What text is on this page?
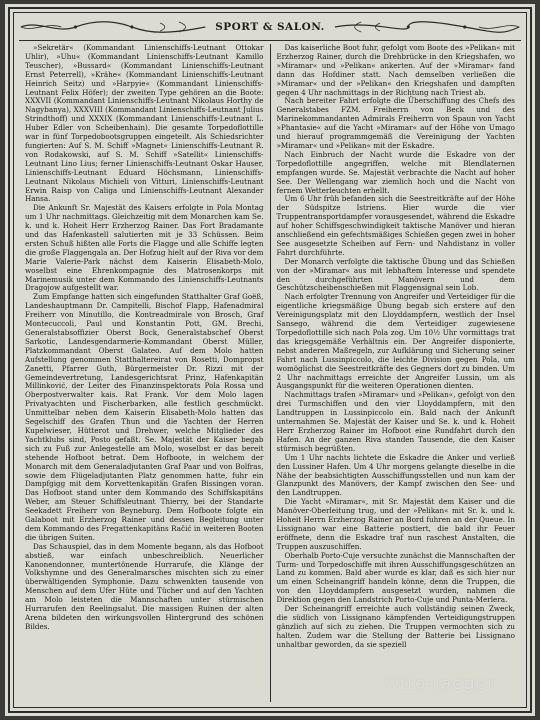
SPORT & SALON.

»Sekretär« (Kommandant Linienschiffs-Leutnant Ottokar Uhlir), »Uhu« (Kommandant Linienschiffs-Leutnant Kamillo Teuscher), »Bussard« (Kommandant Linienschiffs-Leutnant Ernst Peterrell), »Krähe« (Kommandant Linienschiffs-Leutnant Heinrich Seitz) und »Harpyie« (Kommandant Linienschiffs-Leutnant Felix Höfer); der zweiten Type gehören an die Boote: XXXVII (Kommandant Linienschiffs-Leutnant Nikolaus Horthy de Nagybanya), XXXVIII (Kommandant Linienschiffs-Leutnant Julius Strindthoff) und XXXIX (Kommandant Linienschiffs-Leutnant L. Huber Edler von Scheibenhain). Die gesamte Torpedoflottille war in fünf Torpedobootsgruppen eingeteilt. Als Schiedsrichter fungierten: Auf S. M. Schiff »Magnet« Linienschiffs-Leutnant R. von Rodakowski, auf S. M. Schiff »Satellit« Linienschiffs-Leutnant Lino Lius; ferner Linienschiffs-Leutnant Oskar Hauser, Linienschiffs-Leutnant Eduard Höchsmann, Linienschiffs-Leutnant Nikolaus Michieli von Vitturi, Linienschiffs-Leutnant Erwin Raisp von Caliga und Linienschiffs-Leutnant Alexander Hansa.

Die Ankunft Sr. Majestät des Kaisers erfolgte in Pola Montag um 1 Uhr nachmittags. Gleichzeitig mit dem Monarchen kam Se. k. und k. Hoheit Herr Erzherzog Rainer. Das Fort Bradamante und das Hafenkastell salutierten mit je 33 Schüssen. Beim ersten Schuß hißten alle Forts die Flagge und alle Schiffe legten die große Flaggengala an. Der Hofzug hielt auf der Riva vor dem Marie Valerie-Park nächst dem Kaiserin Elisabeth-Molo, woselbst eine Ehrenkompagnie des Matrosenkorps mit Marinemusik unter dem Kommando des Linienschiffs-Leutnants Dragojow aufgestellt war.

Zum Empfange hatten sich eingefunden Statthalter Graf Goëß, Landeshauptmann Dr. Campitelli, Bischof Flapp, Hafenadmiral Freiherr von Minutillo, die Kontreadmirale von Brosch, Graf Montecuccoli, Paul und Konstantin Pott, GM. Brechi, Generalstabsoffizier Oberst Bock, Generalstabschef Oberst Sarkotic, Landesgendarmerie-Kommandant Oberst Müller, Platzkommandant Oberst Galateo. Auf dem Molo hatten Aufstellung genommen Statthaltereirat von Rosetti, Dompropst Zanetti, Pfarrer Guth, Bürgermeister Dr. Rizzi mit der Gemeindevertretung, Landesgerichtsrat Prinz, Hafenkapitän Millinković, der Leiter des Finanzinspektorats Pola Rossa und Oberpostverwalter kais. Rat Frank. Vor dem Molo lagen Privatyachten und Fischerbarken, alle festlich geschmückt. Unmittelbar neben dem Kaiserin Elisabeth-Molo hatten das Segelschiff des Grafen Thun und die Yachten der Herren Kupelwieser, Hütterot und Drehwer, welche Mitglieder des Yachtklubs sind, Posto gefaßt. Se. Majestät der Kaiser begab sich zu Fuß zur Anlegestelle am Molo, woselbst er das bereit stehende Hofboot betrat. Dem Hofboote, in welchem der Monarch mit dem Generaladjutanten Graf Paar und von Bolfras, sowie dem Flügeladjutanten Platz genommen hatte, fuhr ein Dampfgigg mit dem Korvettenkapitän Grafen Bissingen voran. Das Hofboot stand unter dem Kommando des Schiffskapitäns Weber, am Steuer Schiffsleutnant Thierry, bei der Standarte Seekadett Freiherr von Beyneburg. Dem Hofboote folgte ein Galaboot mit Erzherzog Rainer und dessen Begleitung unter dem Kommando des Fregattenkapitäns Račić in weiteren Booten die übrigen Suiten.

Das Schauspiel, das in dem Momente begann, als das Hofboot abstieß, war einfach unbeschreiblich. Neuerlicher Kanonendonner, muntertönende Hurrarufe, die Klänge der Volkshymne und des Generalmarsches mischten sich zu einer überwältigenden Symphonie. Dazu schwenkten tausende von Menschen auf dem Ufer Hüte und Tücher und auf den Yachten am Molo leisteten die Mannschaften unter stürmischen Hurrarufen den Reelingsalut. Die massigen Ruinen der alten Arena bildeten den wirkungsvollen Hintergrund des schönen Bildes.

Das kaiserliche Boot fuhr, gefolgt vom Boote des »Pelikan« mit Erzherzog Rainer, durch die Drehbrücke in den Kriegshafen, wo »Miramar« und »Pelikan« ankerten. Auf der »Miramar« fand dann das Hofdiner statt. Nach demselben verließen die »Miramar« und der »Pelikan« den Kriegshafen und dampften gegen 4 Uhr nachmittags in der Richtung nach Triest ab.

Nach bereiter Fahrt erfolgte die Überschiffung des Chefs des Generalstabes FZM. Freiherrn von Beck und des Marinekommandanten Admirals Freiherrn von Spaun von Yacht »Phantasie« auf die Yacht »Miramar« auf der Höhe von Umago und hierauf programmgemäß die Vereinigung der Yachten »Miramar« und »Pelikan« mit der Eskadre.

Nach Einbruch der Nacht wurde die Eskadre von der Torpedoflottille angegriffen, welche mit Blendlaternen empfangen wurde. Se. Majestät verbrachte die Nacht auf hoher See. Der Wellengang war ziemlich hoch und die Nacht von fernem Wetterleuchten erhellt.

Um 6 Uhr früh befanden sich die Seestreitkräfte auf der Höhe der Südspitze Istriens. Hier wurde die vier Truppentransportdampfer vorausgesendet, während die Eskadre auf hoher Schiffsgeschwindigkeit taktische Manöver und hieran anschließend ein gefechtsmäßiges Schießen gegen zwei in hoher See ausgesetzte Scheiben auf Fern- und Nahdistanz in voller Fahrt durchführte.

Der Monarch verfolgte die taktische Übung und das Schießen von der »Miramar« aus mit lebhaftem Interesse und spendete den durchgeführten Manövern und dem Geschützscheibenschießen mit Flaggensignal sein Lob.

Nach erfolgter Trennung von Angreifer und Verteidiger für die eigentliche kriegsmäßige Übung begab sich erstere auf den Vereinigungsplatz mit den Lloyddampfern, westlich der Insel Sansego, während die dem Verteidiger zugewiesene Torpedoflottille sich nach Pola zog. Um 10½ Uhr vormittags trat das kriegsgemäße Verhältnis ein. Der Angreifer disponierte, nebst anderen Maßregeln, zur Aufklärung und Sicherung seiner Fahrt nach Lussinpiccolo, die leichte Division gegen Pola, um womöglichst die Seestreitkräfte des Gegners dort zu binden. Um 2 Uhr nachmittags erreichte der Angreifer Lussin, um als Ausgangspunkt für die weiteren Operationen dienten.

Nachmittags trafen »Miramar« und »Pelikan«, gefolgt von den drei Turmschiffen und den vier Lloyddampfern, mit den Landtruppen in Lussinpiccolo ein. Bald nach der Ankunft unternahmen Se. Majestät der Kaiser und Se. k. und k. Hoheit Herr Erzherzog Rainer im Hofboot eine Rundfahrt durch den Hafen. An der ganzen Riva standen Tausende, die den Kaiser stürmisch begrüßten.

Um 1 Uhr nachts lichtete die Eskadre die Anker und verließ den Lussiner Hafen. Um 4 Uhr morgens gelangte dieselbe in die Nähe der beabsichtigten Ausschiffungsstellen und nun kam der Glanzpunkt des Manövers, der Kampf zwischen den See- und den Landtruppen.

Die Yacht »Miramar«, mit Sr. Majestät dem Kaiser und die Manöver-Oberleitung trug, und der »Pelikan« mit Sr. k. und k. Hoheit Herrn Erzherzog Rainer an Bord fuhren an der Queue. In Lissignano war eine Batterie postiert, die bald ihr Feuer eröffnete, denn die Eskadre traf nun raschest Anstalten, die Truppen auszuschiffen.

Oberhalb Porto-Cuje versuchte zunächst die Mannschaften der Turm- und Torpedoschiffe mit ihren Ausschiffungsgeschützen an Land zu kommen. Bald aber wurde es klar, daß es sich hier nur um einen Scheinangriff handeln könne, denn die Truppen, die von den Lloyddampfern ausgesetzt wurden, nahmen die Direktion gegen den Landstrich Porto-Cuje und Punta-Merlera.

Der Scheinangriff erreichte auch vollständig seinen Zweck, die südlich von Lissignano kämpfenden Verteidigungstruppen gänzlich auf sich zu ziehen. Die Truppen vermochten sich zu halten. Zudem war die Stellung der Batterie bei Lissignano unhaltbar geworden, da sie speziell

Otto-Jaeger
